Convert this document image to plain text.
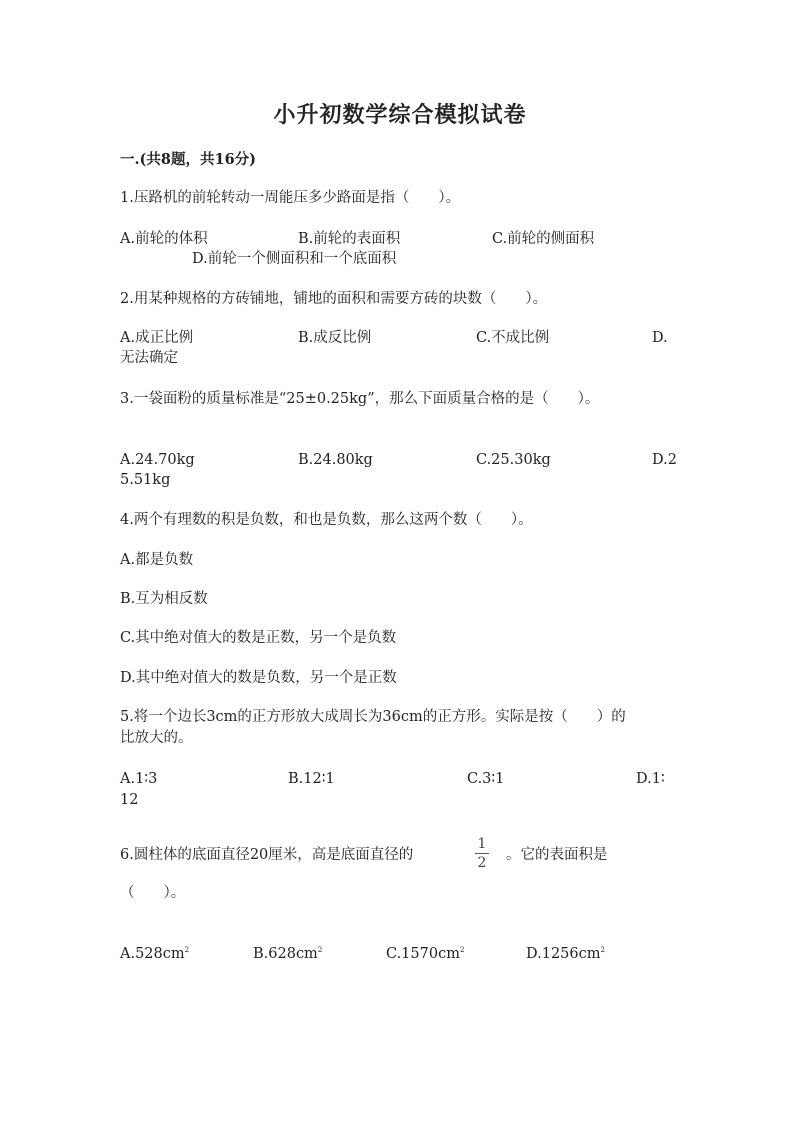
小升初数学综合模拟试卷
一.(共8题，共16分)
1.压路机的前轮转动一周能压多少路面是指（　　）。
A.前轮的体积	B.前轮的表面积	C.前轮的侧面积
D.前轮一个侧面积和一个底面积
2.用某种规格的方砖铺地，铺地的面积和需要方砖的块数（　　）。
A.成正比例	B.成反比例	C.不成比例	D.
无法确定
3.一袋面粉的质量标准是“25±0.25kg”，那么下面质量合格的是（　　）。
A.24.70kg	B.24.80kg	C.25.30kg	D.2
5.51kg
4.两个有理数的积是负数，和也是负数，那么这两个数（　　）。
A.都是负数
B.互为相反数
C.其中绝对值大的数是正数，另一个是负数
D.其中绝对值大的数是负数，另一个是正数
5.将一个边长3cm的正方形放大成周长为36cm的正方形。实际是按（　　）的
比放大的。
A.1∶3	B.12∶1	C.3∶1	D.1∶
12
6.圆柱体的底面直径20厘米，高是底面直径的
1
2	。它的表面积是
（　　）。
$A.528cm^2$	$B.628cm^2$	$C.1570cm^2$	$D.1256cm^2$
